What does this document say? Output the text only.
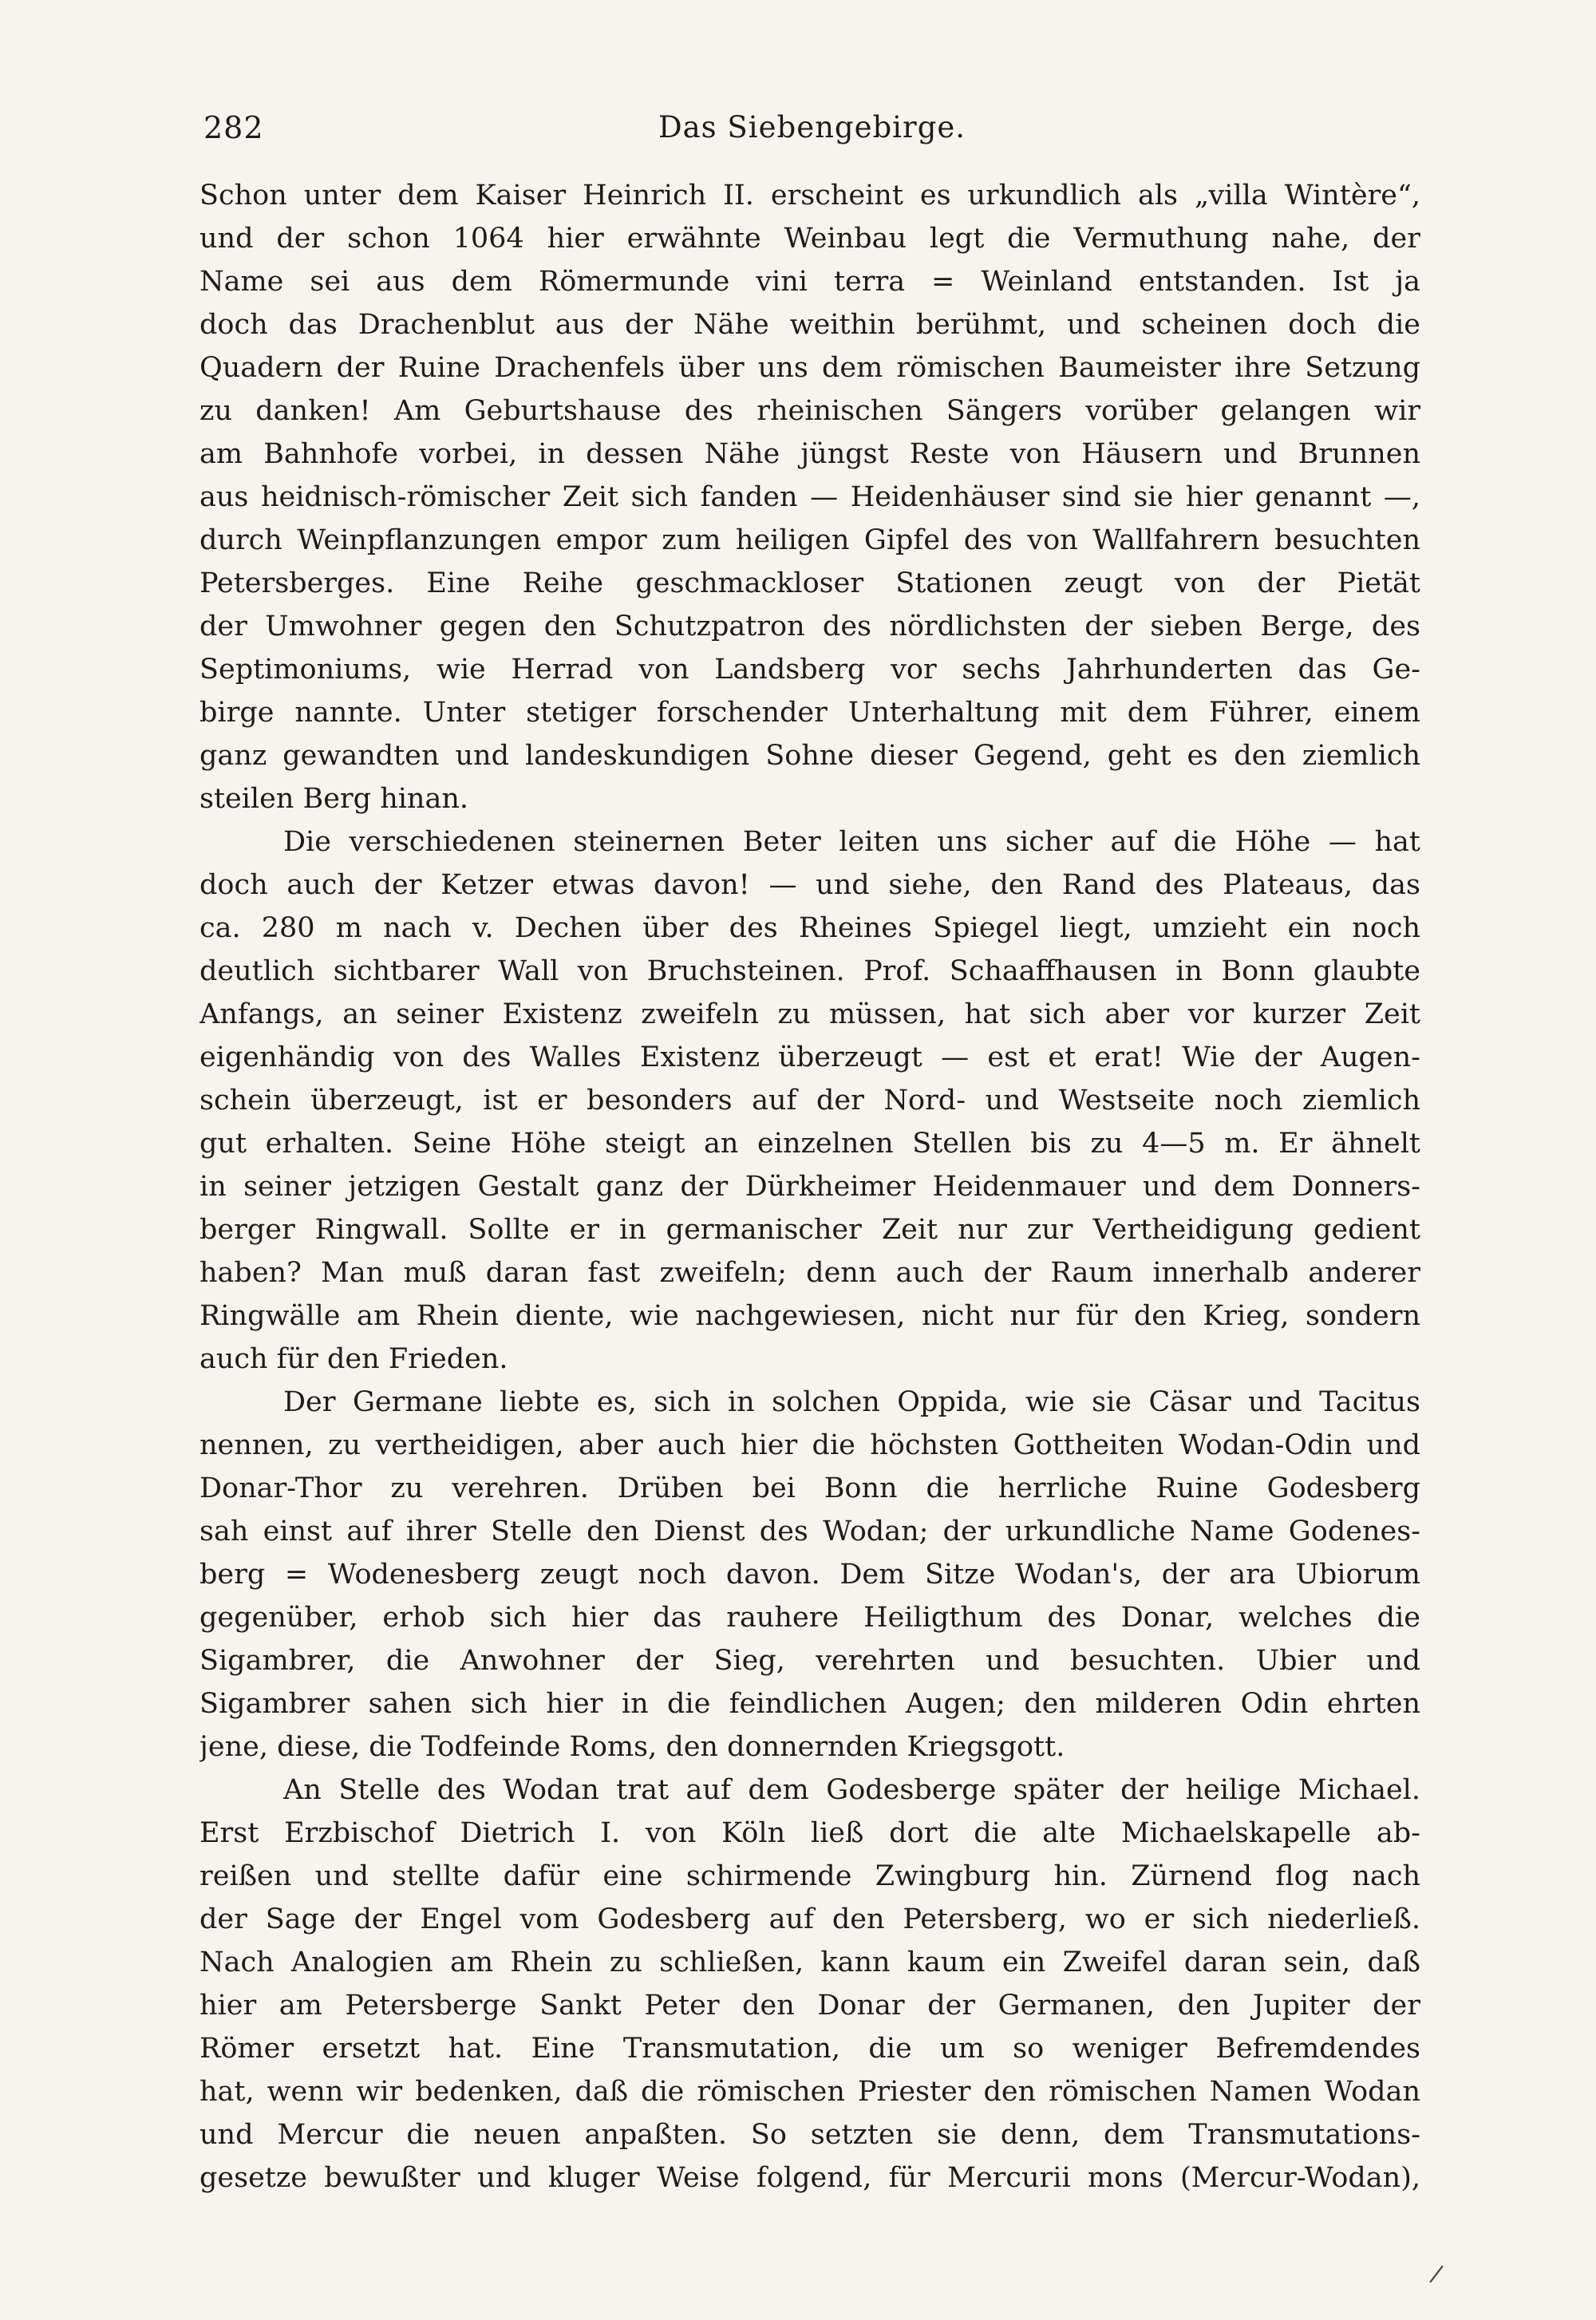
282	Das Siebengebirge.
Schon unter dem Kaiser Heinrich II. erscheint es urkundlich als „villa Wintère“,
und der schon 1064 hier erwähnte Weinbau legt die Vermuthung nahe, der
Name sei aus dem Römermunde vini terra = Weinland entstanden. Ist ja
doch das Drachenblut aus der Nähe weithin berühmt, und scheinen doch die
Quadern der Ruine Drachenfels über uns dem römischen Baumeister ihre Setzung
zu danken! Am Geburtshause des rheinischen Sängers vorüber gelangen wir
am Bahnhofe vorbei, in dessen Nähe jüngst Reste von Häusern und Brunnen
aus heidnisch-römischer Zeit sich fanden — Heidenhäuser sind sie hier genannt —,
durch Weinpflanzungen empor zum heiligen Gipfel des von Wallfahrern besuchten
Petersberges. Eine Reihe geschmackloser Stationen zeugt von der Pietät
der Umwohner gegen den Schutzpatron des nördlichsten der sieben Berge, des
Septimoniums, wie Herrad von Landsberg vor sechs Jahrhunderten das Ge-
birge nannte. Unter stetiger forschender Unterhaltung mit dem Führer, einem
ganz gewandten und landeskundigen Sohne dieser Gegend, geht es den ziemlich
steilen Berg hinan.
Die verschiedenen steinernen Beter leiten uns sicher auf die Höhe — hat
doch auch der Ketzer etwas davon! — und siehe, den Rand des Plateaus, das
ca. 280 m nach v. Dechen über des Rheines Spiegel liegt, umzieht ein noch
deutlich sichtbarer Wall von Bruchsteinen. Prof. Schaaffhausen in Bonn glaubte
Anfangs, an seiner Existenz zweifeln zu müssen, hat sich aber vor kurzer Zeit
eigenhändig von des Walles Existenz überzeugt — est et erat! Wie der Augen-
schein überzeugt, ist er besonders auf der Nord- und Westseite noch ziemlich
gut erhalten. Seine Höhe steigt an einzelnen Stellen bis zu 4—5 m. Er ähnelt
in seiner jetzigen Gestalt ganz der Dürkheimer Heidenmauer und dem Donners-
berger Ringwall. Sollte er in germanischer Zeit nur zur Vertheidigung gedient
haben? Man muß daran fast zweifeln; denn auch der Raum innerhalb anderer
Ringwälle am Rhein diente, wie nachgewiesen, nicht nur für den Krieg, sondern
auch für den Frieden.
Der Germane liebte es, sich in solchen Oppida, wie sie Cäsar und Tacitus
nennen, zu vertheidigen, aber auch hier die höchsten Gottheiten Wodan-Odin und
Donar-Thor zu verehren. Drüben bei Bonn die herrliche Ruine Godesberg
sah einst auf ihrer Stelle den Dienst des Wodan; der urkundliche Name Godenes-
berg = Wodenesberg zeugt noch davon. Dem Sitze Wodan's, der ara Ubiorum
gegenüber, erhob sich hier das rauhere Heiligthum des Donar, welches die
Sigambrer, die Anwohner der Sieg, verehrten und besuchten. Ubier und
Sigambrer sahen sich hier in die feindlichen Augen; den milderen Odin ehrten
jene, diese, die Todfeinde Roms, den donnernden Kriegsgott.
An Stelle des Wodan trat auf dem Godesberge später der heilige Michael.
Erst Erzbischof Dietrich I. von Köln ließ dort die alte Michaelskapelle ab-
reißen und stellte dafür eine schirmende Zwingburg hin. Zürnend flog nach
der Sage der Engel vom Godesberg auf den Petersberg, wo er sich niederließ.
Nach Analogien am Rhein zu schließen, kann kaum ein Zweifel daran sein, daß
hier am Petersberge Sankt Peter den Donar der Germanen, den Jupiter der
Römer ersetzt hat. Eine Transmutation, die um so weniger Befremdendes
hat, wenn wir bedenken, daß die römischen Priester den römischen Namen Wodan
und Mercur die neuen anpaßten. So setzten sie denn, dem Transmutations-
gesetze bewußter und kluger Weise folgend, für Mercurii mons (Mercur-Wodan),
/
